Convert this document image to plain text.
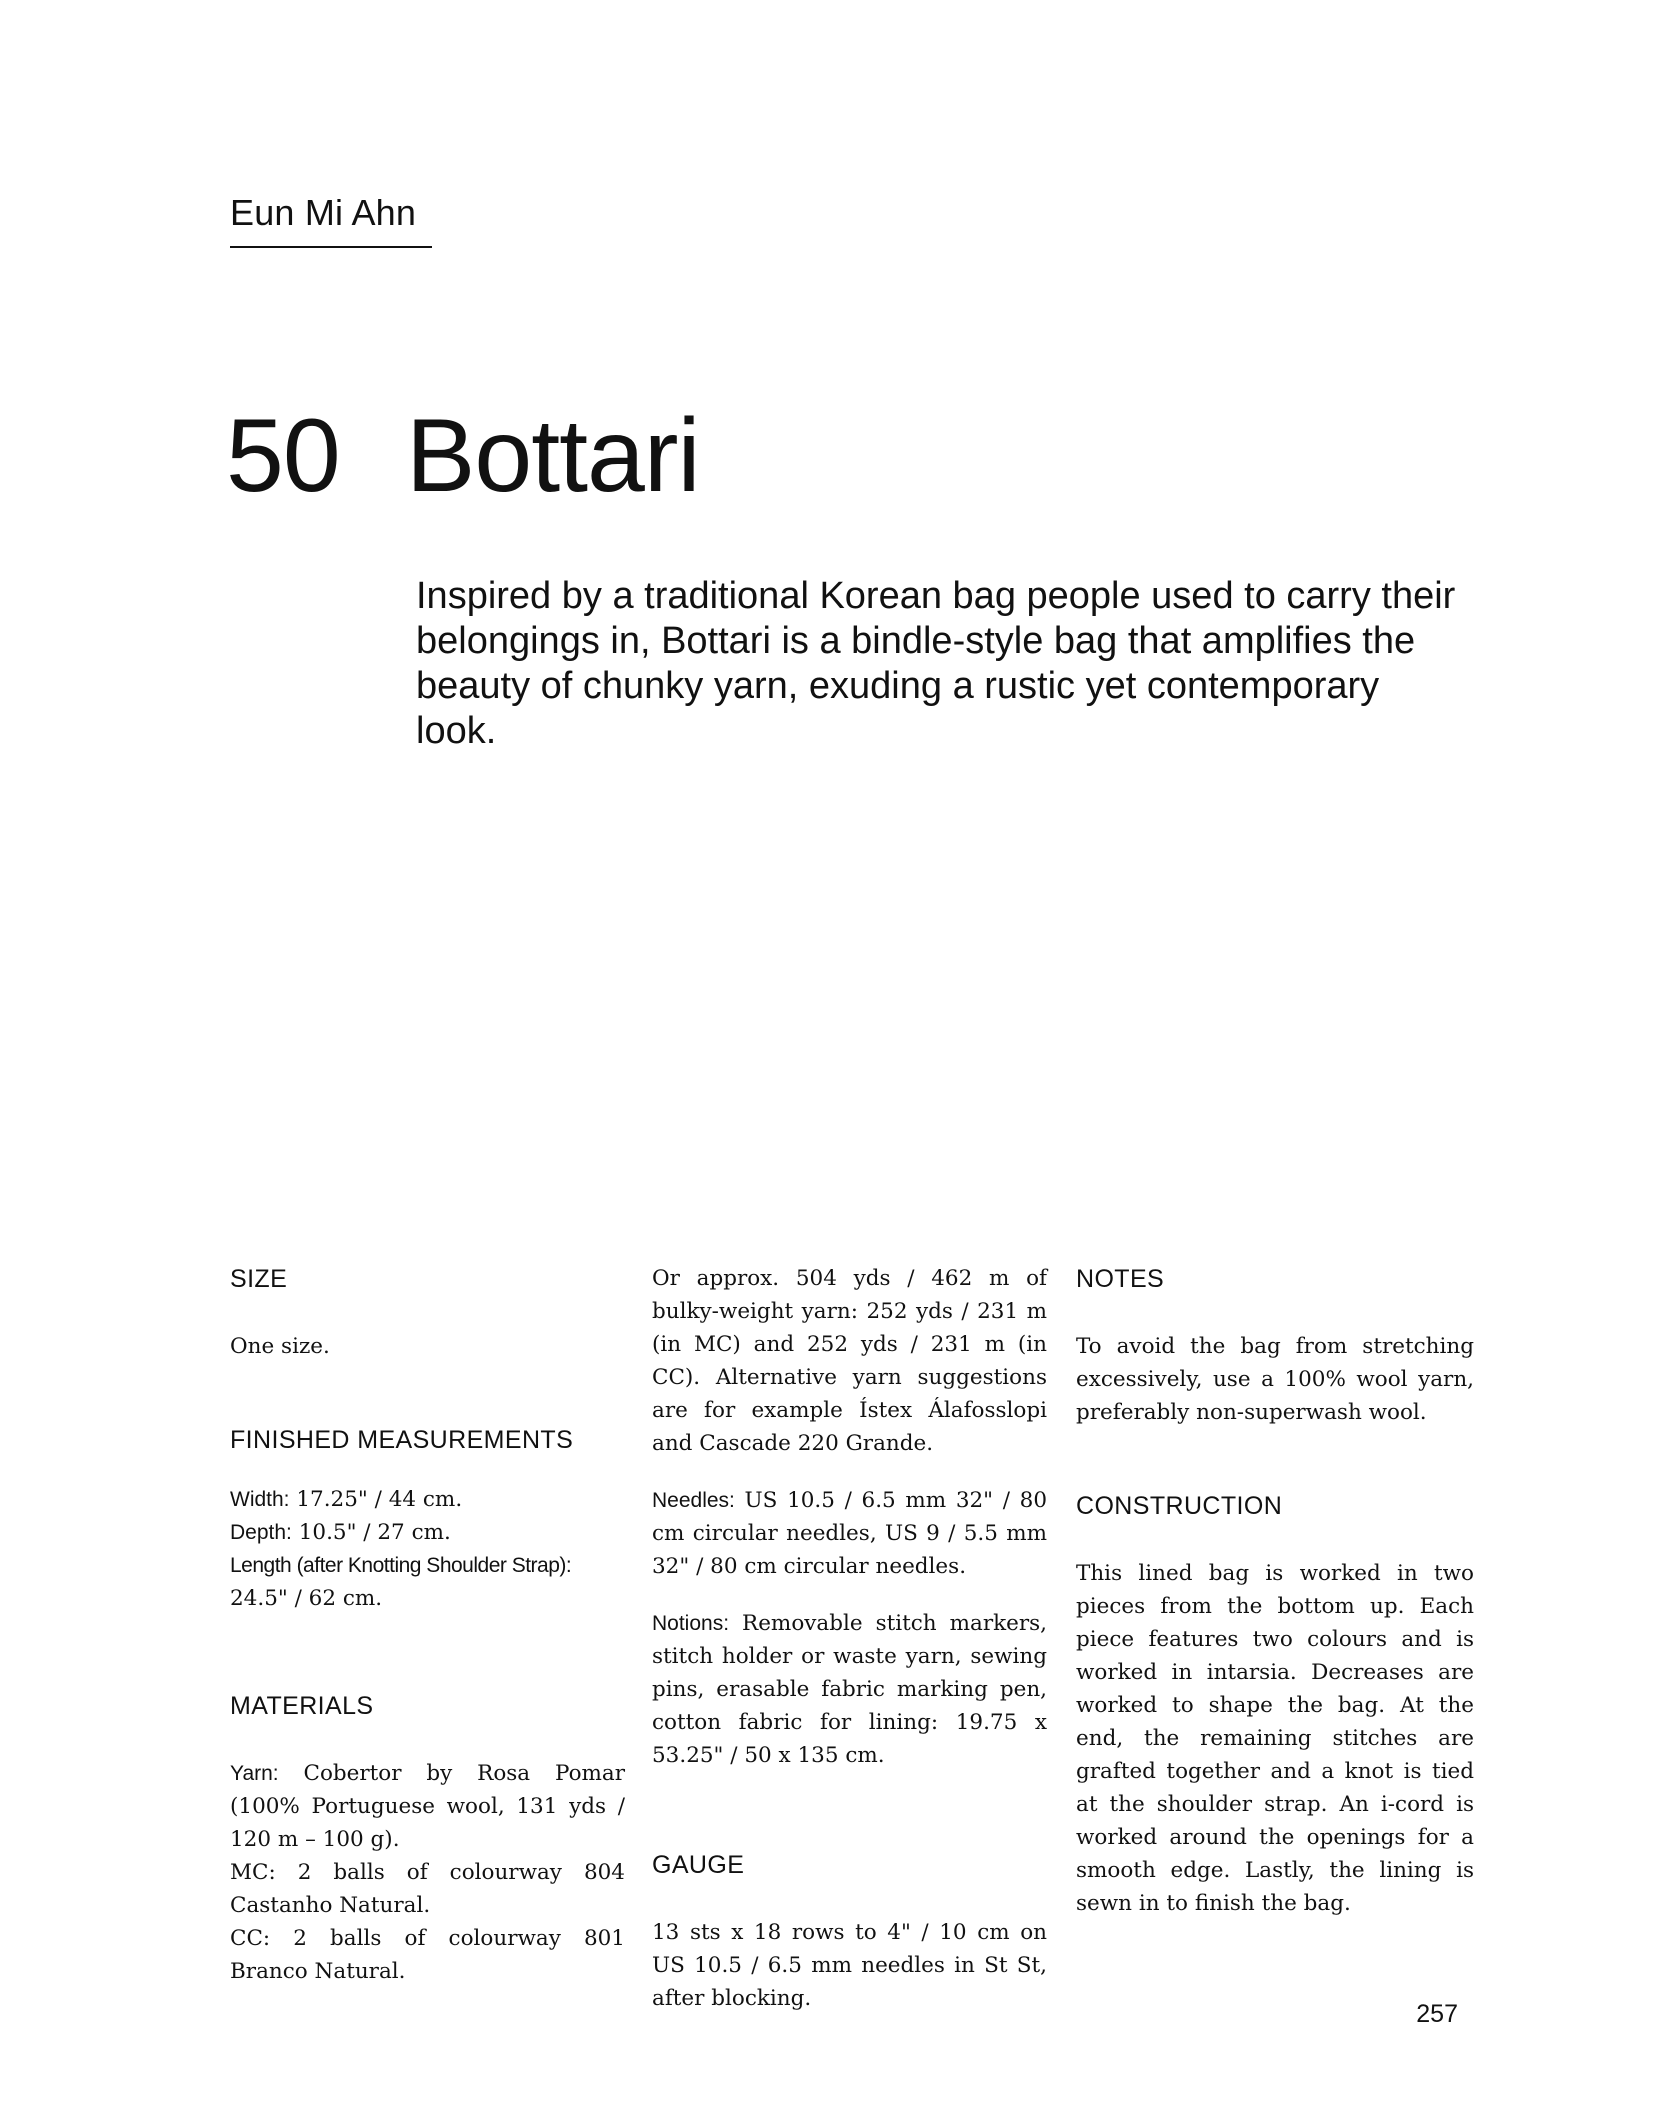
Eun Mi Ahn
50 Bottari

Inspired by a traditional Korean bag people used to carry their belongings in, Bottari is a bindle-style bag that amplifies the beauty of chunky yarn, exuding a rustic yet contemporary look.

SIZE

One size.

FINISHED MEASUREMENTS

Width: 17.25" / 44 cm.

Depth: 10.5" / 27 cm.

Length (after Knotting Shoulder Strap):
24.5" / 62 cm.

MATERIALS

Yarn: Cobertor by Rosa Pomar (100% Portuguese wool, 131 yds / 120 m – 100 g).

MC: 2 balls of colourway 804 Castanho Natural.

CC: 2 balls of colourway 801 Branco Natural.

Or approx. 504 yds / 462 m of bulky-weight yarn: 252 yds / 231 m (in MC) and 252 yds / 231 m (in CC). Alternative yarn suggestions are for example Ístex Álafosslopi and Cascade 220 Grande.

Needles: US 10.5 / 6.5 mm 32" / 80 cm circular needles, US 9 / 5.5 mm 32" / 80 cm circular needles.

Notions: Removable stitch markers, stitch holder or waste yarn, sewing pins, erasable fabric marking pen, cotton fabric for lining: 19.75 x 53.25" / 50 x 135 cm.

GAUGE

13 sts x 18 rows to 4" / 10 cm on US 10.5 / 6.5 mm needles in St St, after blocking.

NOTES

To avoid the bag from stretching excessively, use a 100% wool yarn, preferably non-superwash wool.

CONSTRUCTION

This lined bag is worked in two pieces from the bottom up. Each piece features two colours and is worked in intarsia. Decreases are worked to shape the bag. At the end, the remaining stitches are grafted together and a knot is tied at the shoulder strap. An i-cord is worked around the openings for a smooth edge. Lastly, the lining is sewn in to finish the bag.

257
